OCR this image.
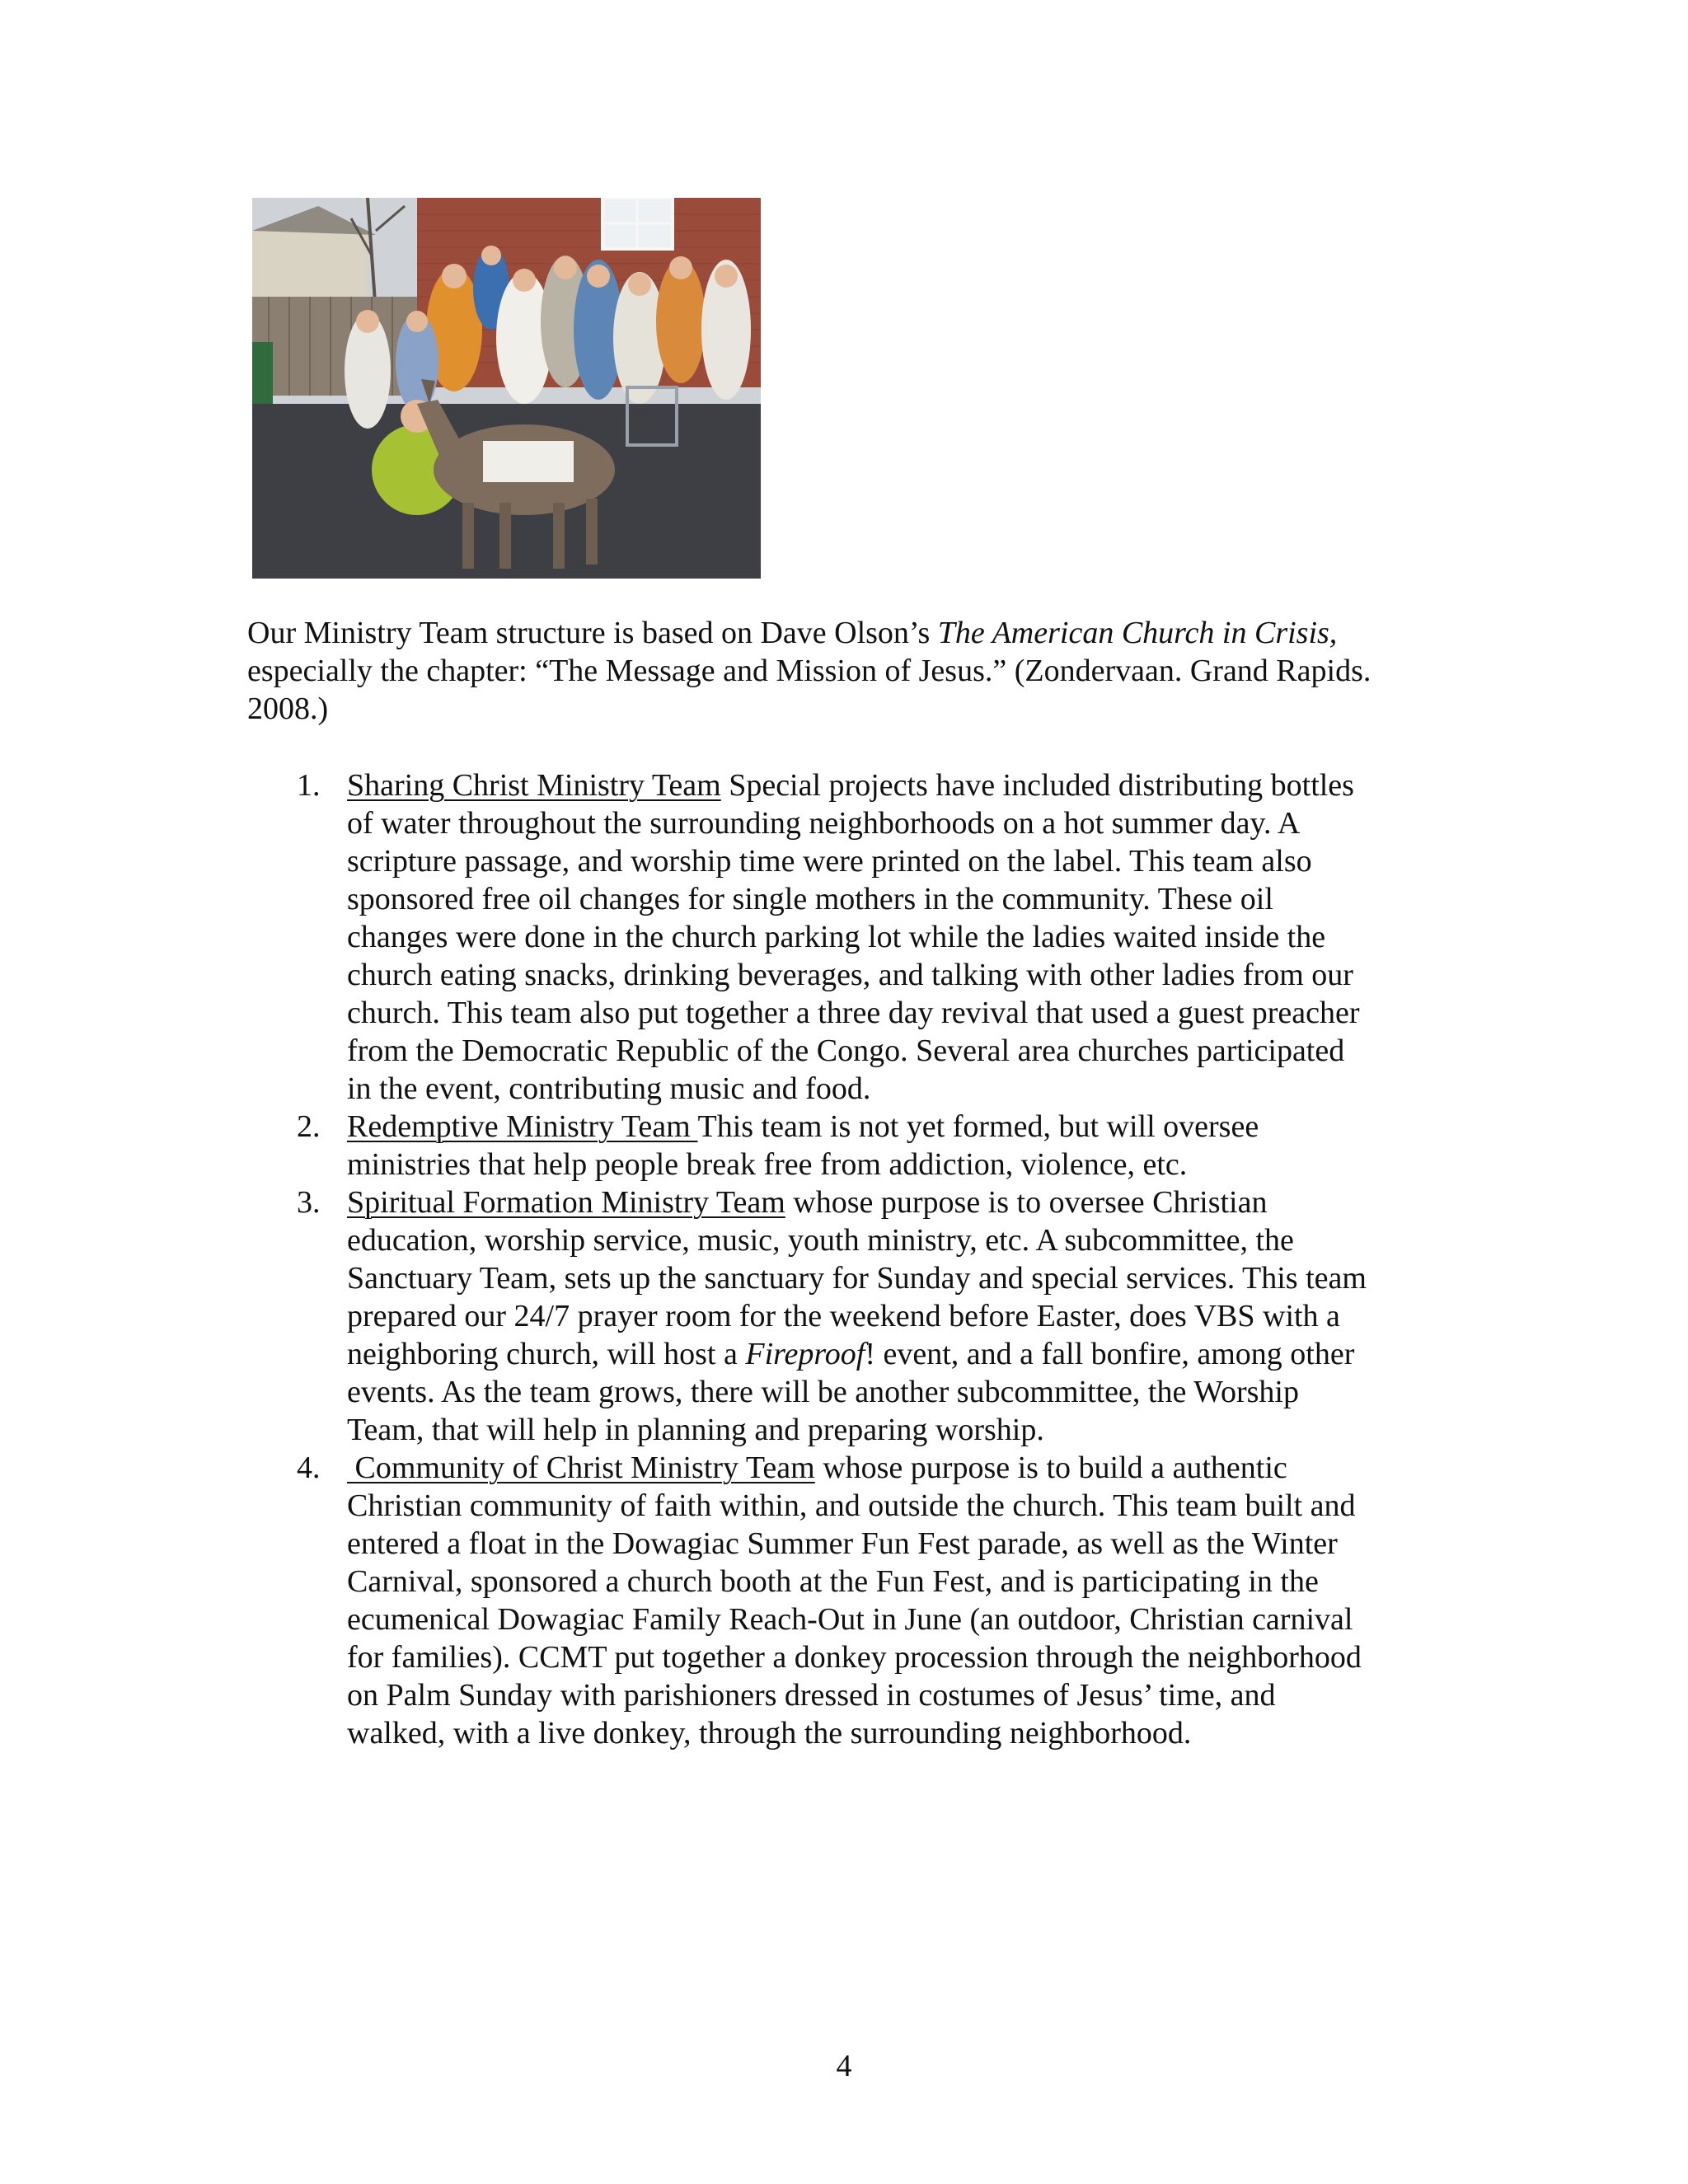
Our Ministry Team structure is based on Dave Olson’s The American Church in Crisis,
especially the chapter: “The Message and Mission of Jesus.” (Zondervaan. Grand Rapids.
2008.)
1. Sharing Christ Ministry Team Special projects have included distributing bottles
of water throughout the surrounding neighborhoods on a hot summer day. A
scripture passage, and worship time were printed on the label. This team also
sponsored free oil changes for single mothers in the community. These oil
changes were done in the church parking lot while the ladies waited inside the
church eating snacks, drinking beverages, and talking with other ladies from our
church. This team also put together a three day revival that used a guest preacher
from the Democratic Republic of the Congo. Several area churches participated
in the event, contributing music and food.
2. Redemptive Ministry Team This team is not yet formed, but will oversee
ministries that help people break free from addiction, violence, etc.
3. Spiritual Formation Ministry Team whose purpose is to oversee Christian
education, worship service, music, youth ministry, etc. A subcommittee, the
Sanctuary Team, sets up the sanctuary for Sunday and special services. This team
prepared our 24/7 prayer room for the weekend before Easter, does VBS with a
neighboring church, will host a Fireproof! event, and a fall bonfire, among other
events. As the team grows, there will be another subcommittee, the Worship
Team, that will help in planning and preparing worship.
4. Community of Christ Ministry Team whose purpose is to build a authentic
Christian community of faith within, and outside the church. This team built and
entered a float in the Dowagiac Summer Fun Fest parade, as well as the Winter
Carnival, sponsored a church booth at the Fun Fest, and is participating in the
ecumenical Dowagiac Family Reach-Out in June (an outdoor, Christian carnival
for families). CCMT put together a donkey procession through the neighborhood
on Palm Sunday with parishioners dressed in costumes of Jesus’ time, and
walked, with a live donkey, through the surrounding neighborhood.
4
